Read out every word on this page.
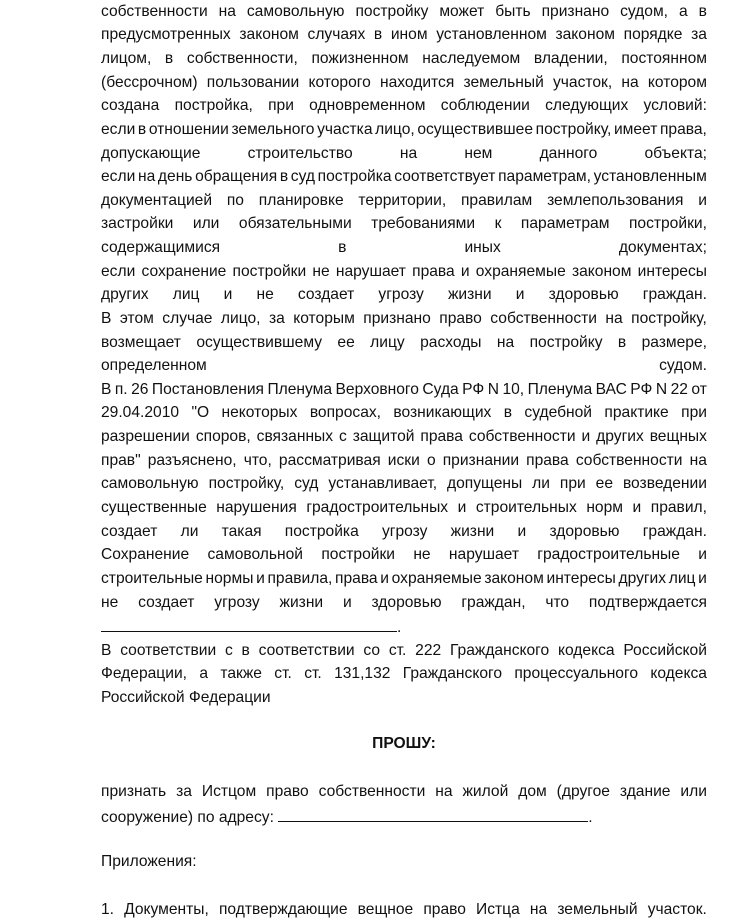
собственности на самовольную постройку может быть признано судом, а в
предусмотренных законом случаях в ином установленном законом порядке за
лицом, в собственности, пожизненном наследуемом владении, постоянном
(бессрочном) пользовании которого находится земельный участок, на котором
создана постройка, при одновременном соблюдении следующих условий:
если в отношении земельного участка лицо, осуществившее постройку, имеет права,
допускающие	строительство	на	нем	данного	объекта;
если на день обращения в суд постройка соответствует параметрам, установленным
документацией по планировке территории, правилам землепользования и
застройки или обязательными требованиями к параметрам постройки,
содержащимися	в	иных	документах;
если сохранение постройки не нарушает права и охраняемые законом интересы
других лиц и не создает угрозу жизни и здоровью граждан.
В этом случае лицо, за которым признано право собственности на постройку,
возмещает осуществившему ее лицу расходы на постройку в размере,
определенном	судом.
В п. 26 Постановления Пленума Верховного Суда РФ N 10, Пленума ВАС РФ N 22 от
29.04.2010 "О некоторых вопросах, возникающих в судебной практике при
разрешении споров, связанных с защитой права собственности и других вещных
прав" разъяснено, что, рассматривая иски о признании права собственности на
самовольную постройку, суд устанавливает, допущены ли при ее возведении
существенные нарушения градостроительных и строительных норм и правил,
создает ли такая постройка угрозу жизни и здоровью граждан.
Сохранение самовольной постройки не нарушает градостроительные и
строительные нормы и правила, права и охраняемые законом интересы других лиц и
не создает угрозу жизни и здоровью граждан, что подтверждается
.
В соответствии с в соответствии со ст. 222 Гражданского кодекса Российской
Федерации, а также ст. ст. 131,132 Гражданского процессуального кодекса
Российской Федерации
ПРОШУ:
признать за Истцом право собственности на жилой дом (другое здание или
сооружение) по адресу:	.
Приложения:
1. Документы, подтверждающие вещное право Истца на земельный участок.
